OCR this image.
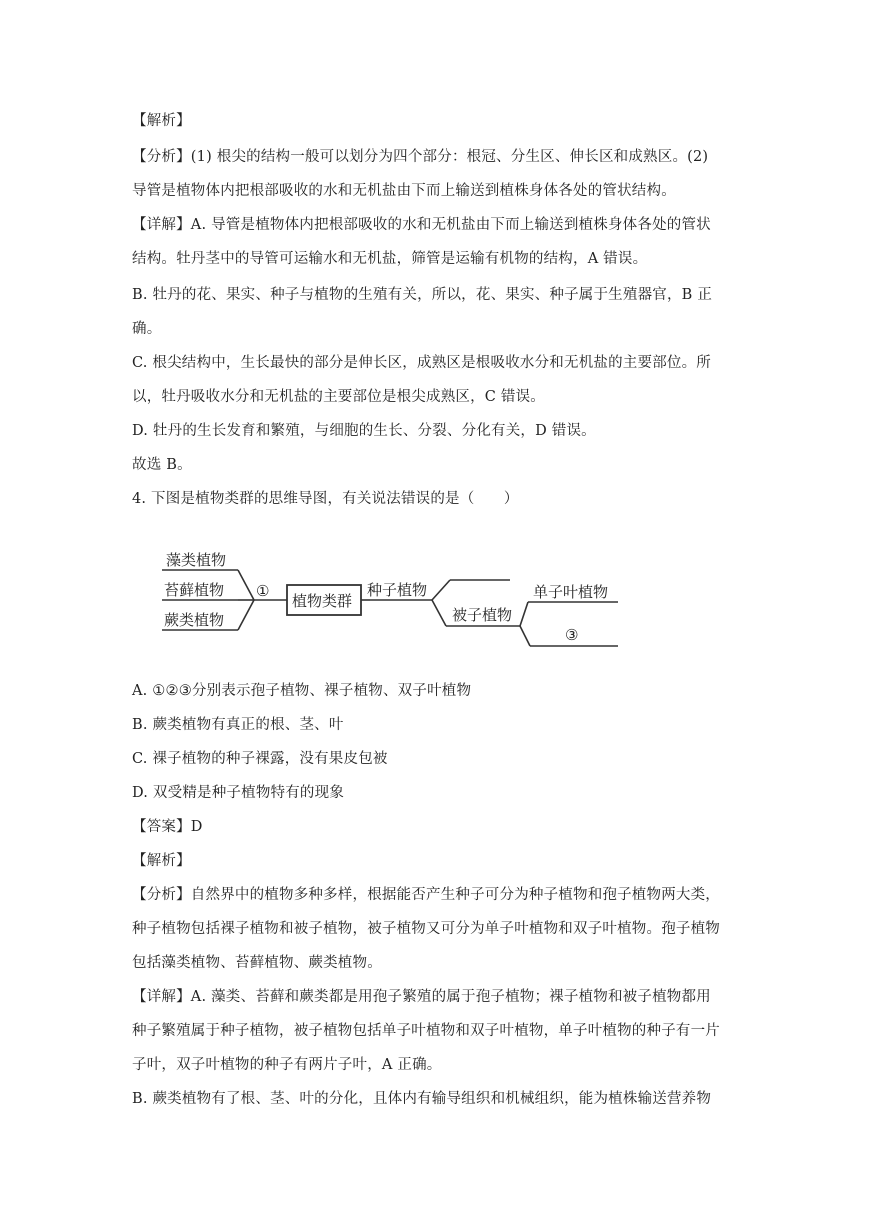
【解析】
【分析】(1) 根尖的结构一般可以划分为四个部分：根冠、分生区、伸长区和成熟区。(2)
导管是植物体内把根部吸收的水和无机盐由下而上输送到植株身体各处的管状结构。
【详解】A. 导管是植物体内把根部吸收的水和无机盐由下而上输送到植株身体各处的管状
结构。牡丹茎中的导管可运输水和无机盐，筛管是运输有机物的结构，A 错误。
B. 牡丹的花、果实、种子与植物的生殖有关，所以，花、果实、种子属于生殖器官，B 正
确。
C. 根尖结构中，生长最快的部分是伸长区，成熟区是根吸收水分和无机盐的主要部位。所
以，牡丹吸收水分和无机盐的主要部位是根尖成熟区，C 错误。
D. 牡丹的生长发育和繁殖，与细胞的生长、分裂、分化有关，D 错误。
故选 B。
4. 下图是植物类群的思维导图，有关说法错误的是（　　）
藻类植物
苔藓植物
蕨类植物
①
植物类群
种子植物
被子植物
单子叶植物
③
A. ①②③分别表示孢子植物、裸子植物、双子叶植物
B. 蕨类植物有真正的根、茎、叶
C. 裸子植物的种子裸露，没有果皮包被
D. 双受精是种子植物特有的现象
【答案】D
【解析】
【分析】自然界中的植物多种多样，根据能否产生种子可分为种子植物和孢子植物两大类，
种子植物包括裸子植物和被子植物，被子植物又可分为单子叶植物和双子叶植物。孢子植物
包括藻类植物、苔藓植物、蕨类植物。
【详解】A. 藻类、苔藓和蕨类都是用孢子繁殖的属于孢子植物；裸子植物和被子植物都用
种子繁殖属于种子植物，被子植物包括单子叶植物和双子叶植物，单子叶植物的种子有一片
子叶，双子叶植物的种子有两片子叶，A 正确。
B. 蕨类植物有了根、茎、叶的分化，且体内有输导组织和机械组织，能为植株输送营养物
